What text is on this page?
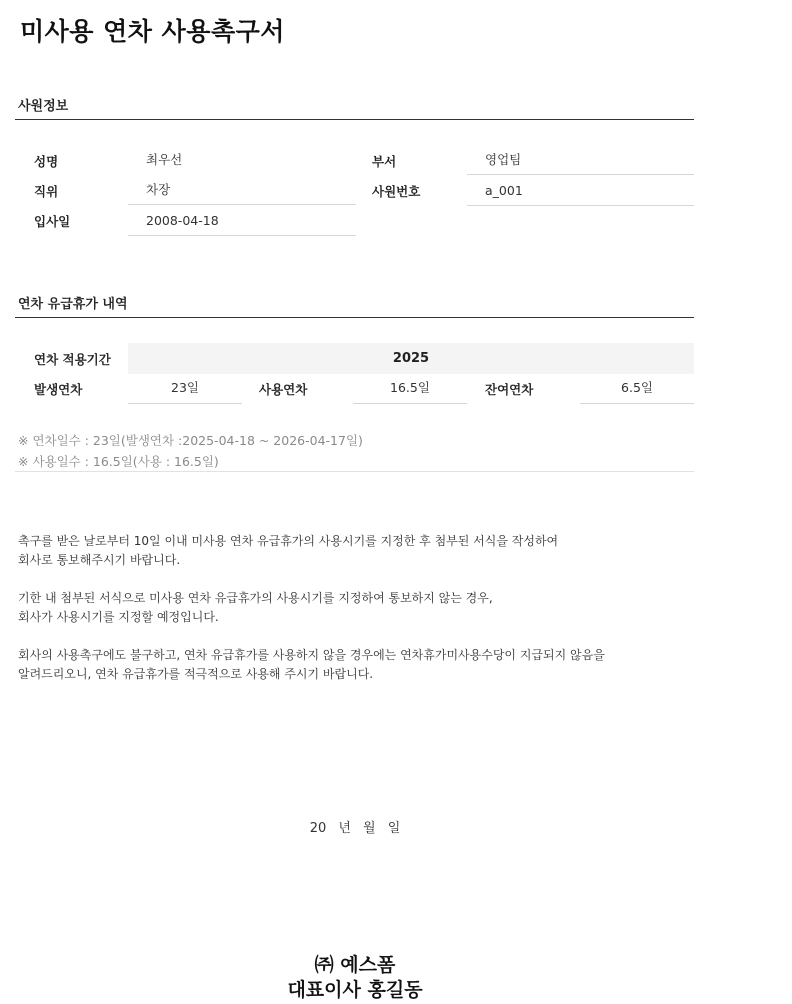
미사용 연차 사용촉구서
사원정보
성명	최우선	부서	영업팀
직위	차장	사원번호	a_001
입사일	2008-04-18
연차 유급휴가 내역
연차 적용기간	2025
발생연차	23일	사용연차	16.5일	잔여연차	6.5일
※ 연차일수 : 23일(발생연차 :2025-04-18 ~ 2026-04-17일)
※ 사용일수 : 16.5일(사용 : 16.5일)

촉구를 받은 날로부터 10일 이내 미사용 연차 유급휴가의 사용시기를 지정한 후 첨부된 서식을 작성하여
회사로 통보해주시기 바랍니다.

기한 내 첨부된 서식으로 미사용 연차 유급휴가의 사용시기를 지정하여 통보하지 않는 경우,
회사가 사용시기를 지정할 예정입니다.

회사의 사용촉구에도 불구하고, 연차 유급휴가를 사용하지 않을 경우에는 연차휴가미사용수당이 지급되지 않음을
알려드리오니, 연차 유급휴가를 적극적으로 사용해 주시기 바랍니다.

20 년 월 일
㈜ 예스폼
대표이사 홍길동
